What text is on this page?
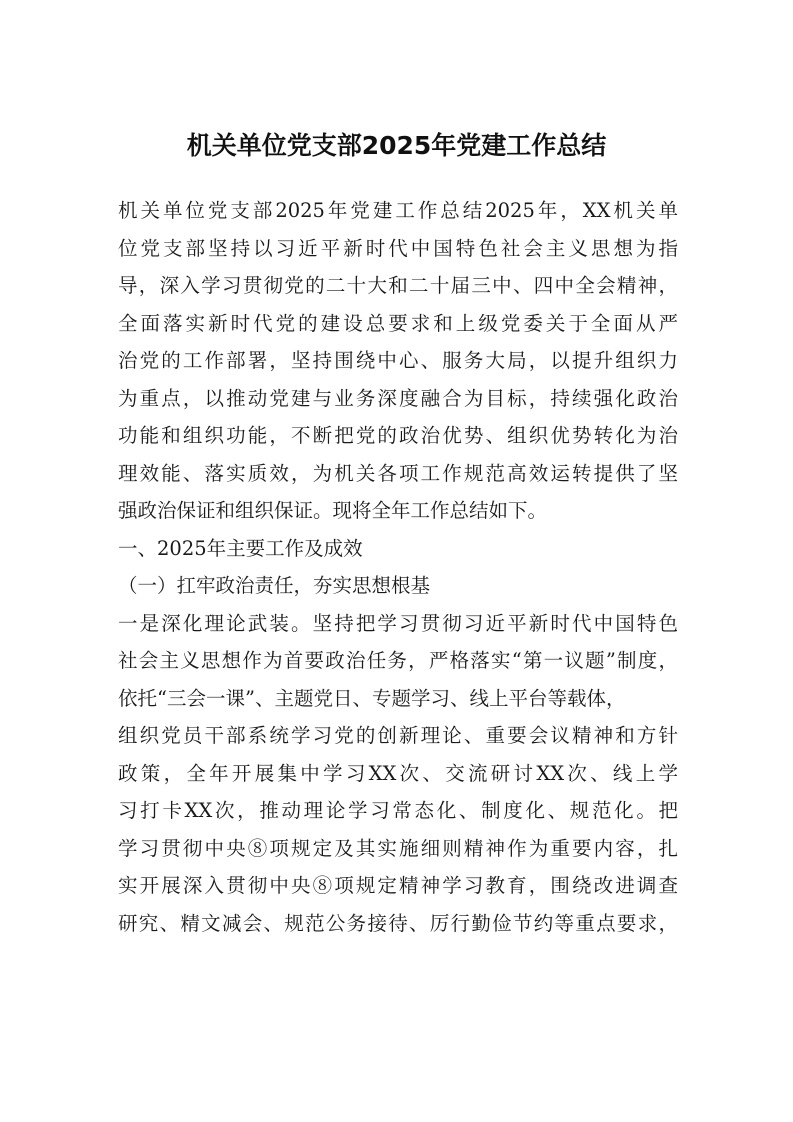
机关单位党支部2025年党建工作总结
机关单位党支部2025年党建工作总结2025年，XX机关单
位党支部坚持以习近平新时代中国特色社会主义思想为指
导，深入学习贯彻党的二十大和二十届三中、四中全会精神，
全面落实新时代党的建设总要求和上级党委关于全面从严
治党的工作部署，坚持围绕中心、服务大局，以提升组织力
为重点，以推动党建与业务深度融合为目标，持续强化政治
功能和组织功能，不断把党的政治优势、组织优势转化为治
理效能、落实质效，为机关各项工作规范高效运转提供了坚
强政治保证和组织保证。现将全年工作总结如下。
一、2025年主要工作及成效
（一）扛牢政治责任，夯实思想根基
一是深化理论武装。坚持把学习贯彻习近平新时代中国特色
社会主义思想作为首要政治任务，严格落实“第一议题”制度，
依托“三会一课”、主题党日、专题学习、线上平台等载体，
组织党员干部系统学习党的创新理论、重要会议精神和方针
政策，全年开展集中学习XX次、交流研讨XX次、线上学
习打卡XX次，推动理论学习常态化、制度化、规范化。把
学习贯彻中央⑧项规定及其实施细则精神作为重要内容，扎
实开展深入贯彻中央⑧项规定精神学习教育，围绕改进调查
研究、精文减会、规范公务接待、厉行勤俭节约等重点要求，
